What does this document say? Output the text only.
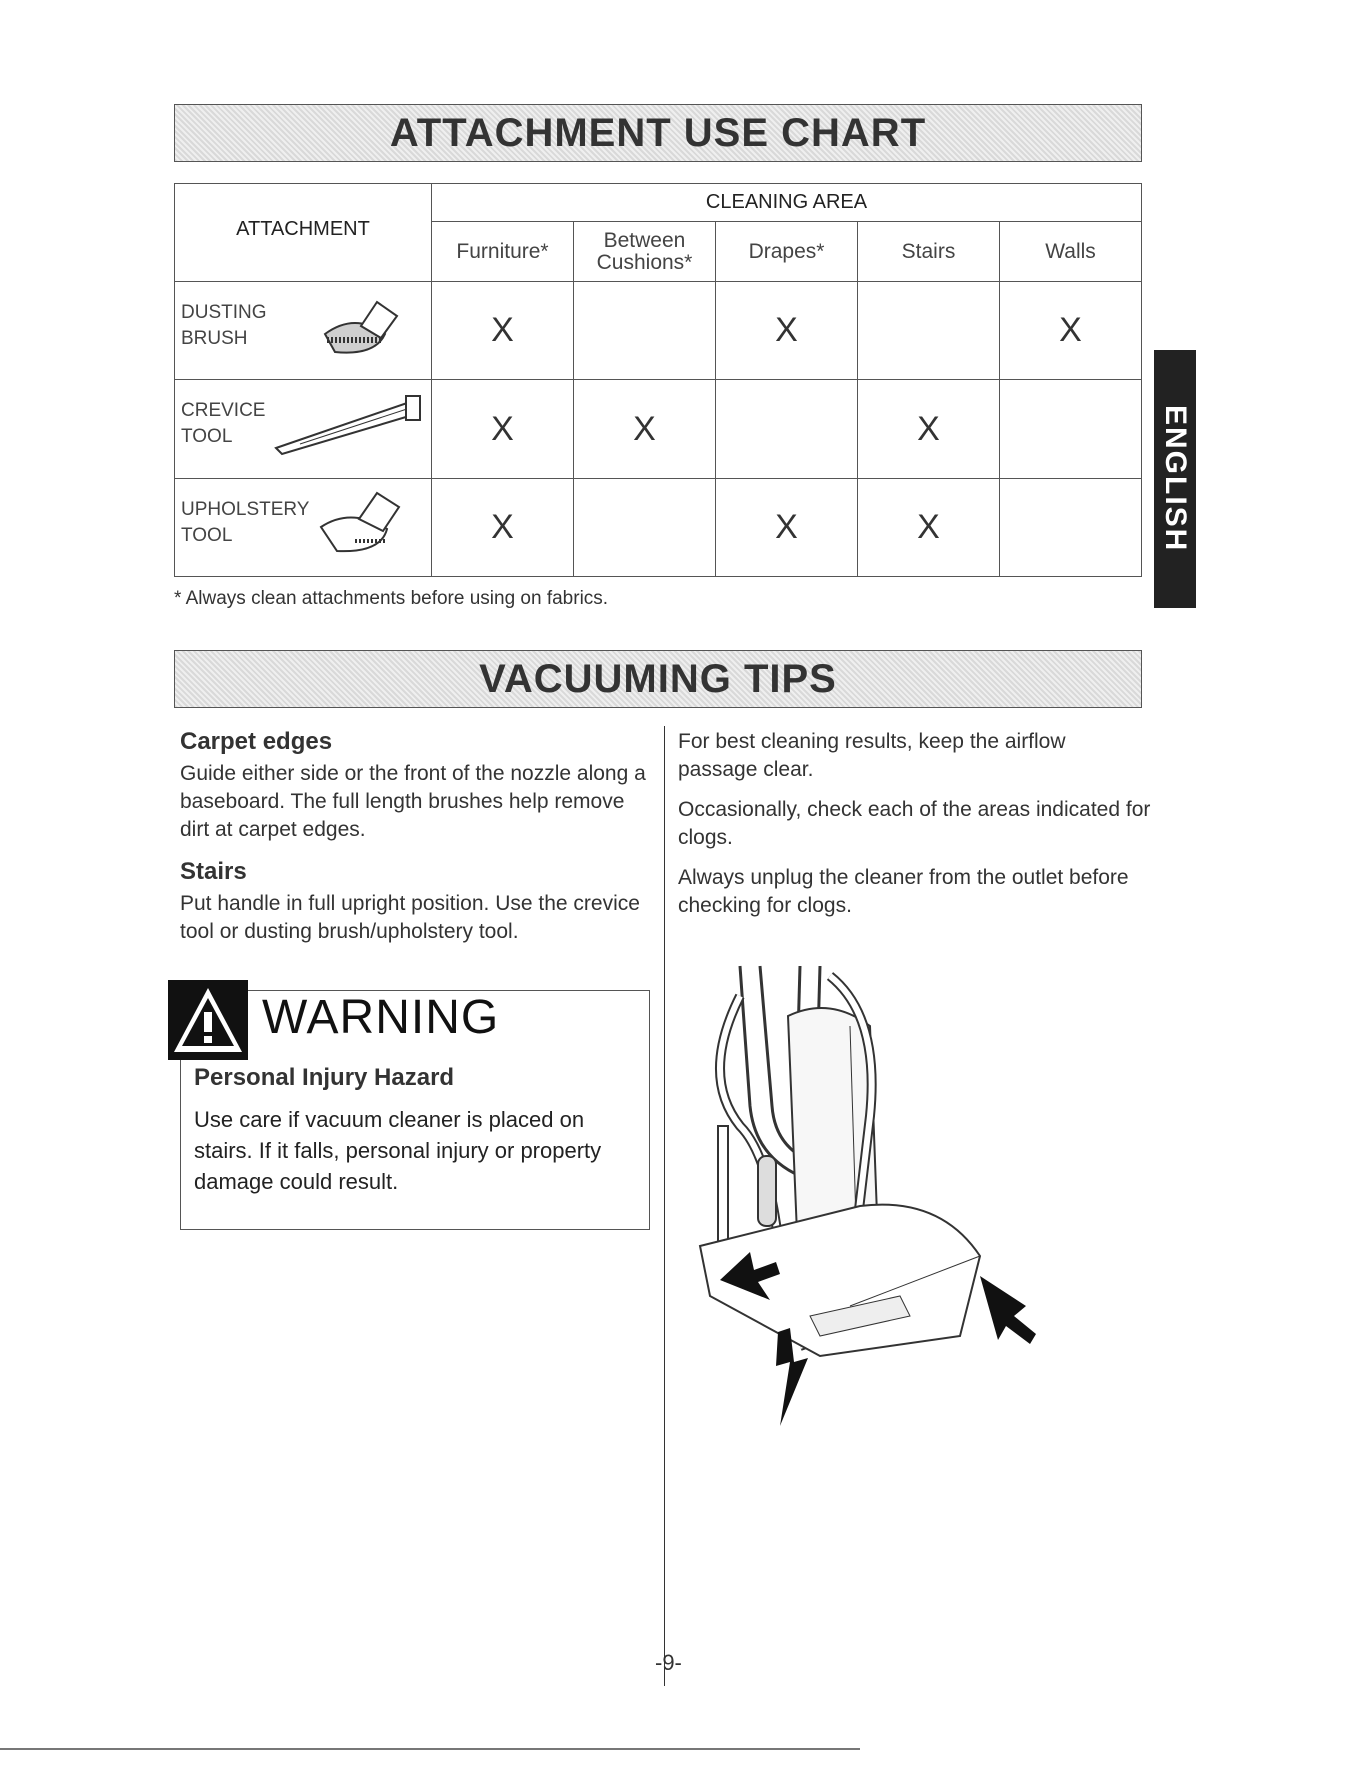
ATTACHMENT USE CHART
ATTACHMENT	CLEANING AREA				
	Furniture*	Between
Cushions*	Drapes*	Stairs	Walls

DUSTING
BRUSH	X		X		X

CREVICE
TOOL	X	X		X	

UPHOLSTERY
TOOL	X		X	X	
* Always clean attachments before using on fabrics.
ENGLISH
VACUUMING TIPS
Carpet edges
Guide either side or the front of the nozzle along a baseboard. The full length brushes help remove dirt at carpet edges.
Stairs
Put handle in full upright position. Use the crevice tool or dusting brush/upholstery tool.
WARNING
Personal Injury Hazard
Use care if vacuum cleaner is placed on stairs. If it falls, personal injury or property damage could result.
For best cleaning results, keep the airflow passage clear.
Occasionally, check each of the areas indicated for clogs.
Always unplug the cleaner from the outlet before checking for clogs.
-9-
